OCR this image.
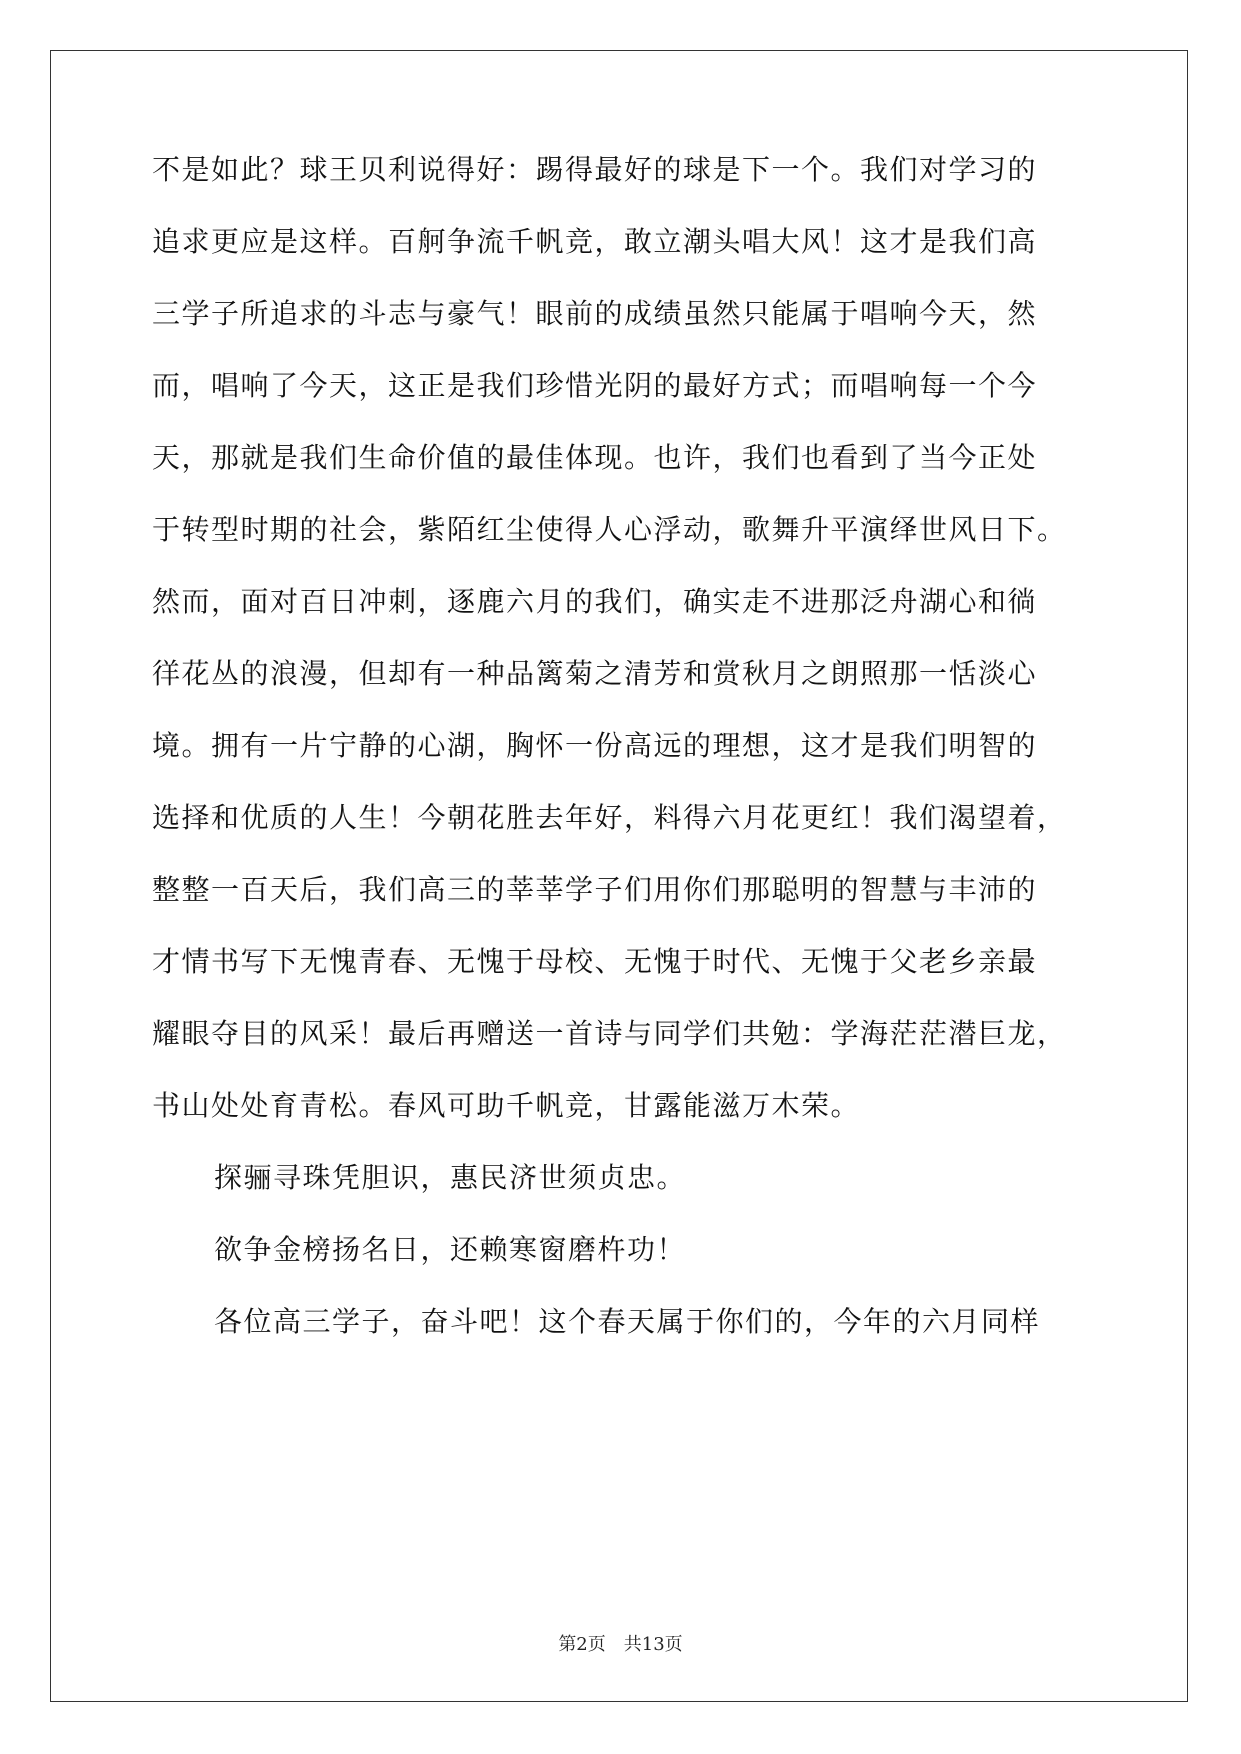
不是如此？球王贝利说得好：踢得最好的球是下一个。我们对学习的
追求更应是这样。百舸争流千帆竞，敢立潮头唱大风！这才是我们高
三学子所追求的斗志与豪气！眼前的成绩虽然只能属于唱响今天，然
而，唱响了今天，这正是我们珍惜光阴的最好方式；而唱响每一个今
天，那就是我们生命价值的最佳体现。也许，我们也看到了当今正处
于转型时期的社会，紫陌红尘使得人心浮动，歌舞升平演绎世风日下。
然而，面对百日冲刺，逐鹿六月的我们，确实走不进那泛舟湖心和徜
徉花丛的浪漫，但却有一种品篱菊之清芳和赏秋月之朗照那一恬淡心
境。拥有一片宁静的心湖，胸怀一份高远的理想，这才是我们明智的
选择和优质的人生！今朝花胜去年好，料得六月花更红！我们渴望着，
整整一百天后，我们高三的莘莘学子们用你们那聪明的智慧与丰沛的
才情书写下无愧青春、无愧于母校、无愧于时代、无愧于父老乡亲最
耀眼夺目的风采！最后再赠送一首诗与同学们共勉：学海茫茫潜巨龙，
书山处处育青松。春风可助千帆竞，甘露能滋万木荣。
探骊寻珠凭胆识，惠民济世须贞忠。
欲争金榜扬名日，还赖寒窗磨杵功！
各位高三学子，奋斗吧！这个春天属于你们的，今年的六月同样
第2页　共13页
